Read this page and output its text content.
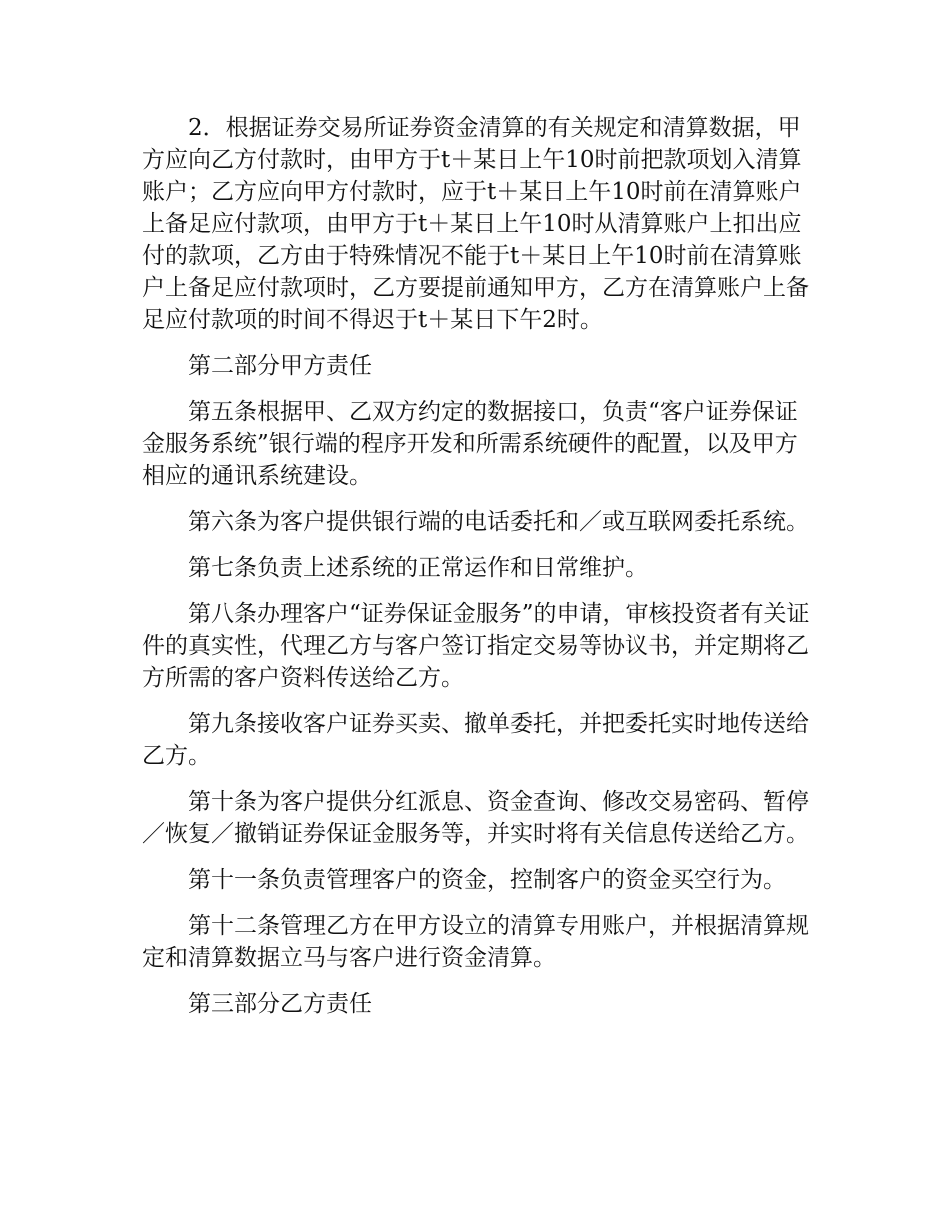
2．根据证券交易所证券资金清算的有关规定和清算数据，甲方应向乙方付款时，由甲方于t＋某日上午10时前把款项划入清算账户；乙方应向甲方付款时，应于t＋某日上午10时前在清算账户上备足应付款项，由甲方于t＋某日上午10时从清算账户上扣出应付的款项，乙方由于特殊情况不能于t＋某日上午10时前在清算账户上备足应付款项时，乙方要提前通知甲方，乙方在清算账户上备足应付款项的时间不得迟于t＋某日下午2时。

第二部分甲方责任

第五条根据甲、乙双方约定的数据接口，负责“客户证券保证金服务系统”银行端的程序开发和所需系统硬件的配置，以及甲方相应的通讯系统建设。

第六条为客户提供银行端的电话委托和／或互联网委托系统。

第七条负责上述系统的正常运作和日常维护。

第八条办理客户“证券保证金服务”的申请，审核投资者有关证件的真实性，代理乙方与客户签订指定交易等协议书，并定期将乙方所需的客户资料传送给乙方。

第九条接收客户证券买卖、撤单委托，并把委托实时地传送给乙方。

第十条为客户提供分红派息、资金查询、修改交易密码、暂停／恢复／撤销证券保证金服务等，并实时将有关信息传送给乙方。

第十一条负责管理客户的资金，控制客户的资金买空行为。

第十二条管理乙方在甲方设立的清算专用账户，并根据清算规定和清算数据立马与客户进行资金清算。

第三部分乙方责任
